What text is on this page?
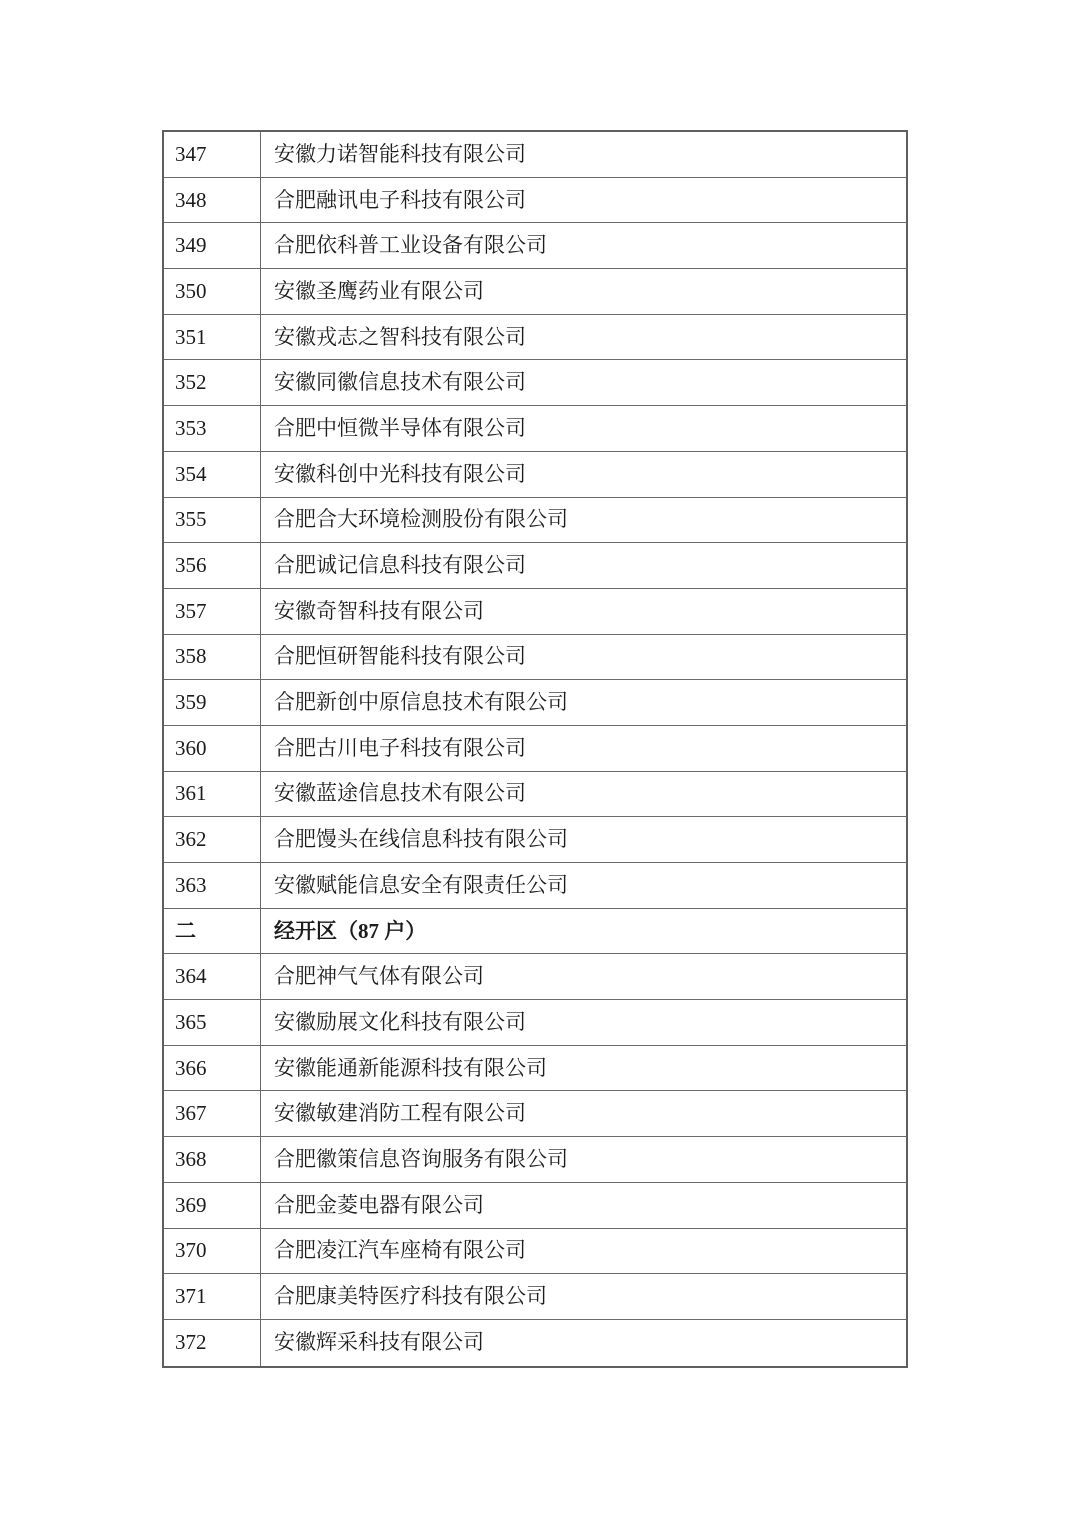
347	安徽力诺智能科技有限公司
348	合肥融讯电子科技有限公司
349	合肥依科普工业设备有限公司
350	安徽圣鹰药业有限公司
351	安徽戎志之智科技有限公司
352	安徽同徽信息技术有限公司
353	合肥中恒微半导体有限公司
354	安徽科创中光科技有限公司
355	合肥合大环境检测股份有限公司
356	合肥诚记信息科技有限公司
357	安徽奇智科技有限公司
358	合肥恒研智能科技有限公司
359	合肥新创中原信息技术有限公司
360	合肥古川电子科技有限公司
361	安徽蓝途信息技术有限公司
362	合肥馒头在线信息科技有限公司
363	安徽赋能信息安全有限责任公司
二	经开区（87 户）
364	合肥神气气体有限公司
365	安徽励展文化科技有限公司
366	安徽能通新能源科技有限公司
367	安徽敏建消防工程有限公司
368	合肥徽策信息咨询服务有限公司
369	合肥金菱电器有限公司
370	合肥凌江汽车座椅有限公司
371	合肥康美特医疗科技有限公司
372	安徽辉采科技有限公司
